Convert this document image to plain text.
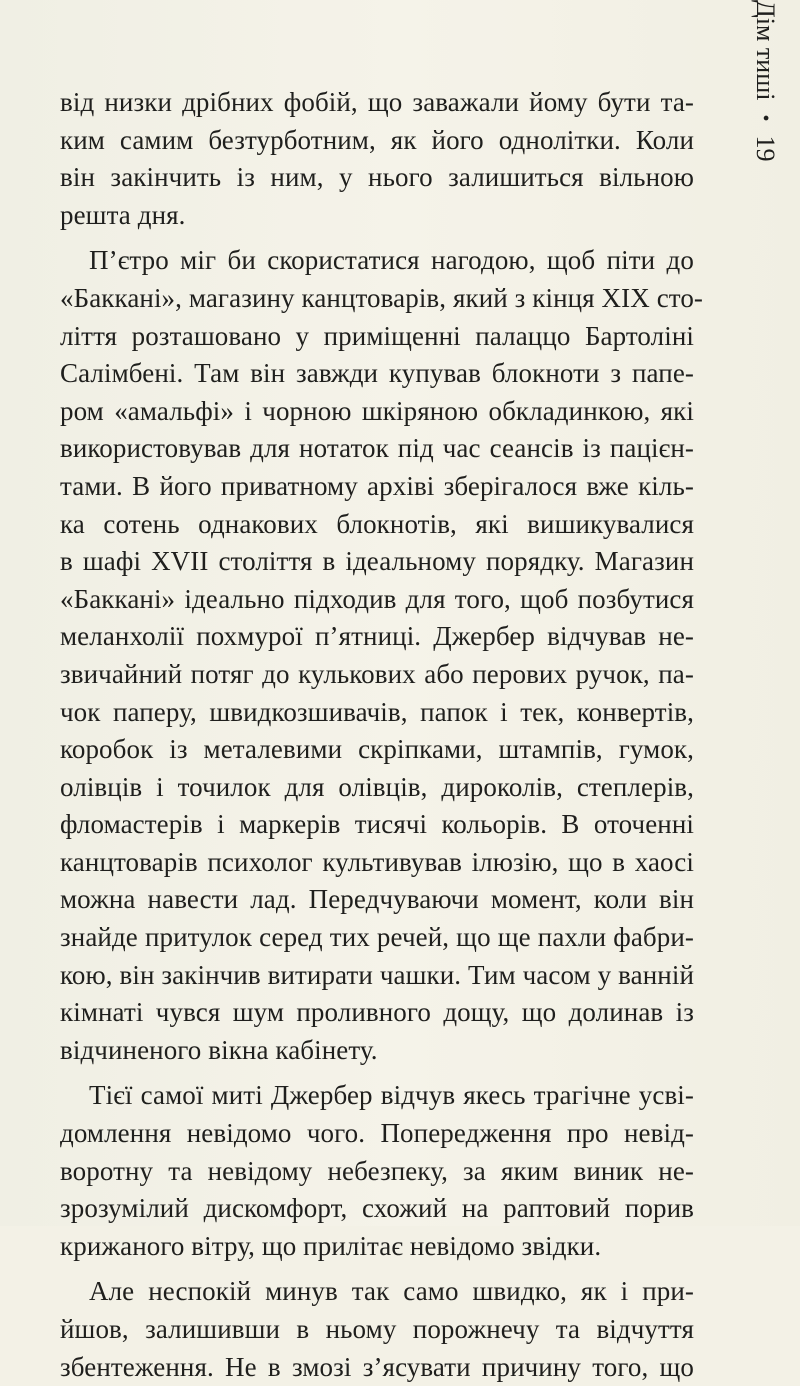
від низки дрібних фобій, що заважали йому бути та-
ким самим безтурботним, як його однолітки. Коли
він закінчить із ним, у нього залишиться вільною
решта дня.
П’єтро міг би скористатися нагодою, щоб піти до
«Баккані», магазину канцтоварів, який з кінця XIX сто-
ліття розташовано у приміщенні палаццо Бартоліні
Салімбені. Там він завжди купував блокноти з папе-
ром «амальфі» і чорною шкіряною обкладинкою, які
використовував для нотаток під час сеансів із пацієн-
тами. В його приватному архіві зберігалося вже кіль-
ка сотень однакових блокнотів, які вишикувалися
в шафі XVII століття в ідеальному порядку. Магазин
«Баккані» ідеально підходив для того, щоб позбутися
меланхолії похмурої п’ятниці. Джербер відчував не-
звичайний потяг до кулькових або перових ручок, па-
чок паперу, швидкозшивачів, папок і тек, конвертів,
коробок із металевими скріпками, штампів, гумок,
олівців і точилок для олівців, дироколів, степлерів,
фломастерів і маркерів тисячі кольорів. В оточенні
канцтоварів психолог культивував ілюзію, що в хаосі
можна навести лад. Передчуваючи момент, коли він
знайде притулок серед тих речей, що ще пахли фабри-
кою, він закінчив витирати чашки. Тим часом у ванній
кімнаті чувся шум проливного дощу, що долинав із
відчиненого вікна кабінету.
Тієї самої миті Джербер відчув якесь трагічне усві-
домлення невідомо чого. Попередження про невід-
воротну та невідому небезпеку, за яким виник не-
зрозумілий дискомфорт, схожий на раптовий порив
крижаного вітру, що прилітає невідомо звідки.
Але неспокій минув так само швидко, як і при-
йшов, залишивши в ньому порожнечу та відчуття
збентеження. Не в змозі з’ясувати причину того, що
Дім тиші
•
19
